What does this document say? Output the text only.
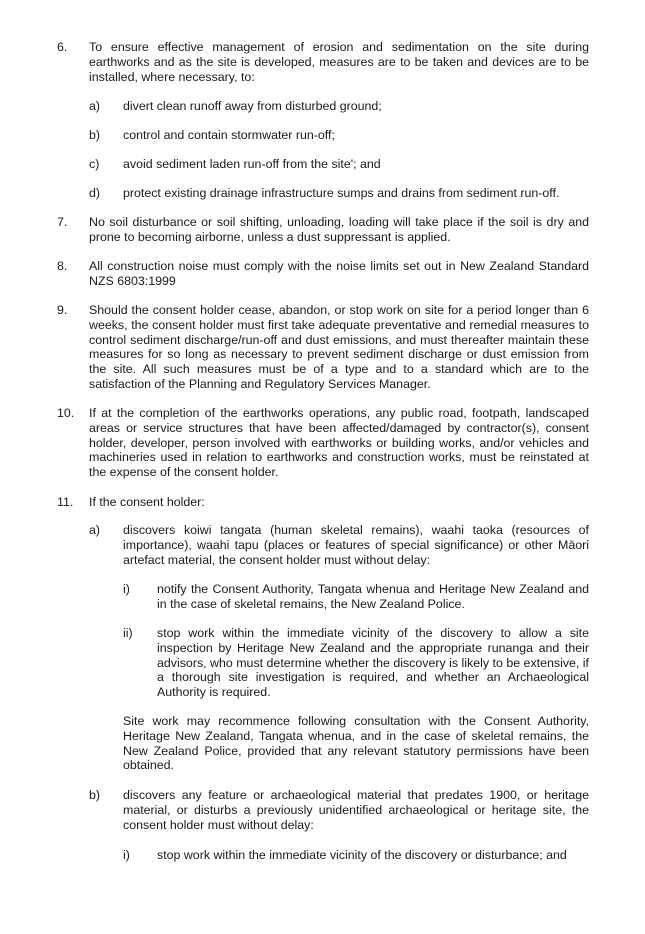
6. To ensure effective management of erosion and sedimentation on the site during earthworks and as the site is developed, measures are to be taken and devices are to be installed, where necessary, to:
a) divert clean runoff away from disturbed ground;
b) control and contain stormwater run-off;
c) avoid sediment laden run-off from the site'; and
d) protect existing drainage infrastructure sumps and drains from sediment run-off.
7. No soil disturbance or soil shifting, unloading, loading will take place if the soil is dry and prone to becoming airborne, unless a dust suppressant is applied.
8. All construction noise must comply with the noise limits set out in New Zealand Standard NZS 6803:1999
9. Should the consent holder cease, abandon, or stop work on site for a period longer than 6 weeks, the consent holder must first take adequate preventative and remedial measures to control sediment discharge/run-off and dust emissions, and must thereafter maintain these measures for so long as necessary to prevent sediment discharge or dust emission from the site. All such measures must be of a type and to a standard which are to the satisfaction of the Planning and Regulatory Services Manager.
10. If at the completion of the earthworks operations, any public road, footpath, landscaped areas or service structures that have been affected/damaged by contractor(s), consent holder, developer, person involved with earthworks or building works, and/or vehicles and machineries used in relation to earthworks and construction works, must be reinstated at the expense of the consent holder.
11. If the consent holder:
a) discovers koiwi tangata (human skeletal remains), waahi taoka (resources of importance), waahi tapu (places or features of special significance) or other Māori artefact material, the consent holder must without delay:
i) notify the Consent Authority, Tangata whenua and Heritage New Zealand and in the case of skeletal remains, the New Zealand Police.
ii) stop work within the immediate vicinity of the discovery to allow a site inspection by Heritage New Zealand and the appropriate runanga and their advisors, who must determine whether the discovery is likely to be extensive, if a thorough site investigation is required, and whether an Archaeological Authority is required.
Site work may recommence following consultation with the Consent Authority, Heritage New Zealand, Tangata whenua, and in the case of skeletal remains, the New Zealand Police, provided that any relevant statutory permissions have been obtained.
b) discovers any feature or archaeological material that predates 1900, or heritage material, or disturbs a previously unidentified archaeological or heritage site, the consent holder must without delay:
i) stop work within the immediate vicinity of the discovery or disturbance; and
